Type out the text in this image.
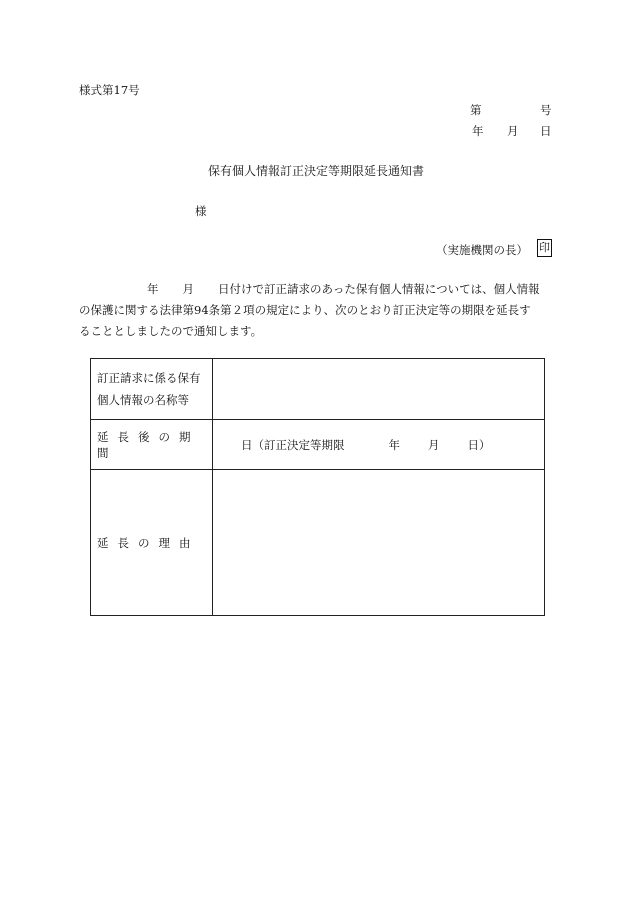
様式第17号
第	号
年 月 日
保有個人情報訂正決定等期限延長通知書
様
（実施機関の長） 印
年 月 日付けで訂正請求のあった保有個人情報については、個人情報
の保護に関する法律第94条第２項の規定により、次のとおり訂正決定等の期限を延長す
ることとしましたので通知します。
訂正請求に係る保有
個人情報の名称等	
延長後の期間	日（訂正決定等期限 年 月 日）
延長の理由	
